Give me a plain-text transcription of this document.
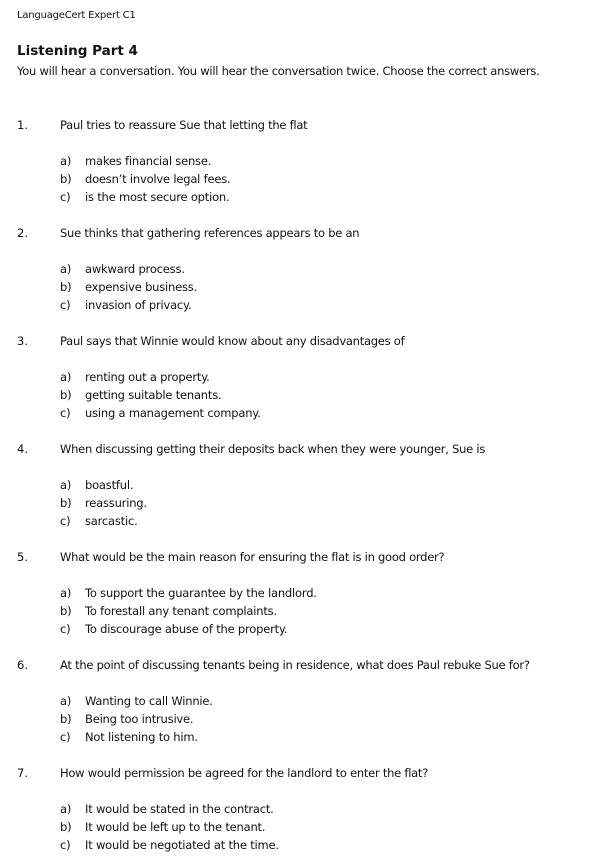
LanguageCert Expert C1
Listening Part 4
You will hear a conversation. You will hear the conversation twice. Choose the correct answers.
1.	Paul tries to reassure Sue that letting the flat
a) makes financial sense.
b) doesn’t involve legal fees.
c) is the most secure option.
2.	Sue thinks that gathering references appears to be an
a) awkward process.
b) expensive business.
c) invasion of privacy.
3.	Paul says that Winnie would know about any disadvantages of
a) renting out a property.
b) getting suitable tenants.
c) using a management company.
4.	When discussing getting their deposits back when they were younger, Sue is
a) boastful.
b) reassuring.
c) sarcastic.
5.	What would be the main reason for ensuring the flat is in good order?
a) To support the guarantee by the landlord.
b) To forestall any tenant complaints.
c) To discourage abuse of the property.
6.	At the point of discussing tenants being in residence, what does Paul rebuke Sue for?
a) Wanting to call Winnie.
b) Being too intrusive.
c) Not listening to him.
7.	How would permission be agreed for the landlord to enter the flat?
a) It would be stated in the contract.
b) It would be left up to the tenant.
c) It would be negotiated at the time.
